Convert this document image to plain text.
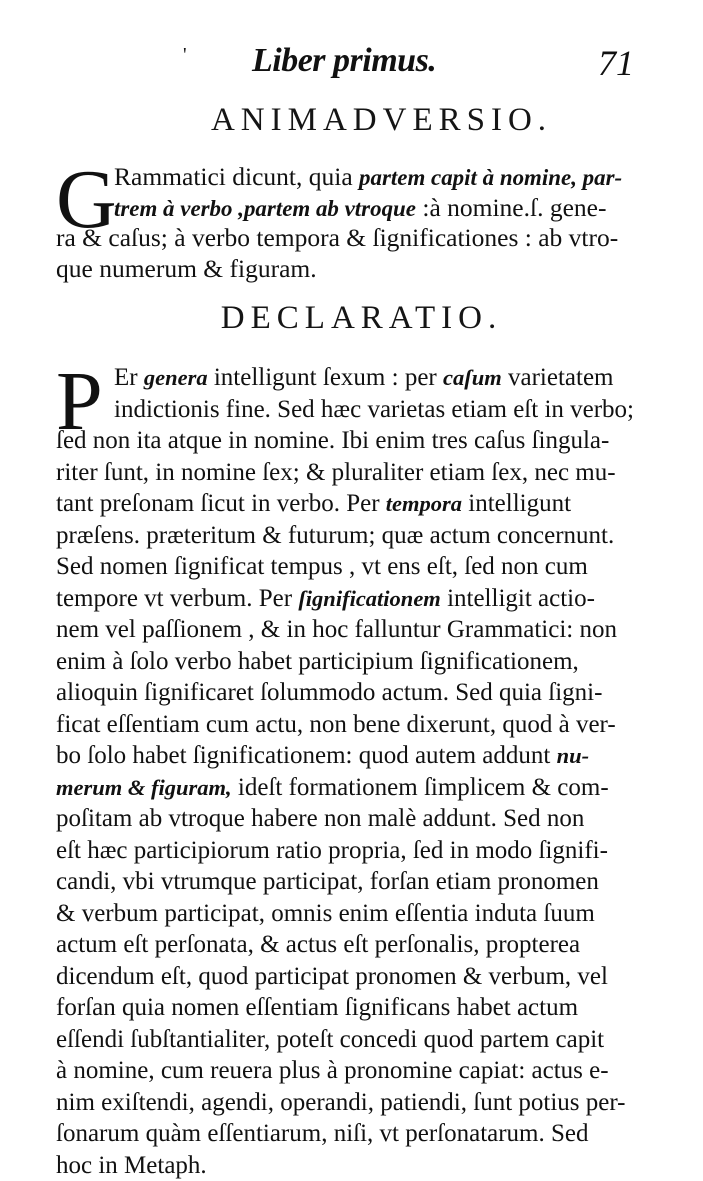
' Liber primus.	71
ANIMADVERSIO.
G
Rammatici dicunt, quia partem capit à nomine, par-
trem à verbo ,partem ab vtroque :à nomine.ſ. gene-
ra & caſus; à verbo tempora & ſignificationes : ab vtro-
que numerum & figuram.
DECLARATIO.
P Er genera intelligunt ſexum : per caſum varietatem
indictionis fine. Sed hæc varietas etiam eſt in verbo;
ſed non ita atque in nomine. Ibi enim tres caſus ſingula-
riter ſunt, in nomine ſex; & pluraliter etiam ſex, nec mu-
tant preſonam ſicut in verbo. Per tempora intelligunt
præſens. præteritum & futurum; quæ actum concernunt.
Sed nomen ſignificat tempus , vt ens eſt, ſed non cum
tempore vt verbum. Per ſignificationem intelligit actio-
nem vel paſſionem , & in hoc falluntur Grammatici: non
enim à ſolo verbo habet participium ſignificationem,
alioquin ſignificaret ſolummodo actum. Sed quia ſigni-
ficat eſſentiam cum actu, non bene dixerunt, quod à ver-
bo ſolo habet ſignificationem: quod autem addunt nu-
merum & figuram, ideſt formationem ſimplicem & com-
poſitam ab vtroque habere non malè addunt. Sed non
eſt hæc participiorum ratio propria, ſed in modo ſignifi-
candi, vbi vtrumque participat, forſan etiam pronomen
& verbum participat, omnis enim eſſentia induta ſuum
actum eſt perſonata, & actus eſt perſonalis, propterea
dicendum eſt, quod participat pronomen & verbum, vel
forſan quia nomen eſſentiam ſignificans habet actum
eſſendi ſubſtantialiter, poteſt concedi quod partem capit
à nomine, cum reuera plus à pronomine capiat: actus e-
nim exiſtendi, agendi, operandi, patiendi, ſunt potius per-
ſonarum quàm eſſentiarum, niſi, vt perſonatarum. Sed
hoc in Metaph.
